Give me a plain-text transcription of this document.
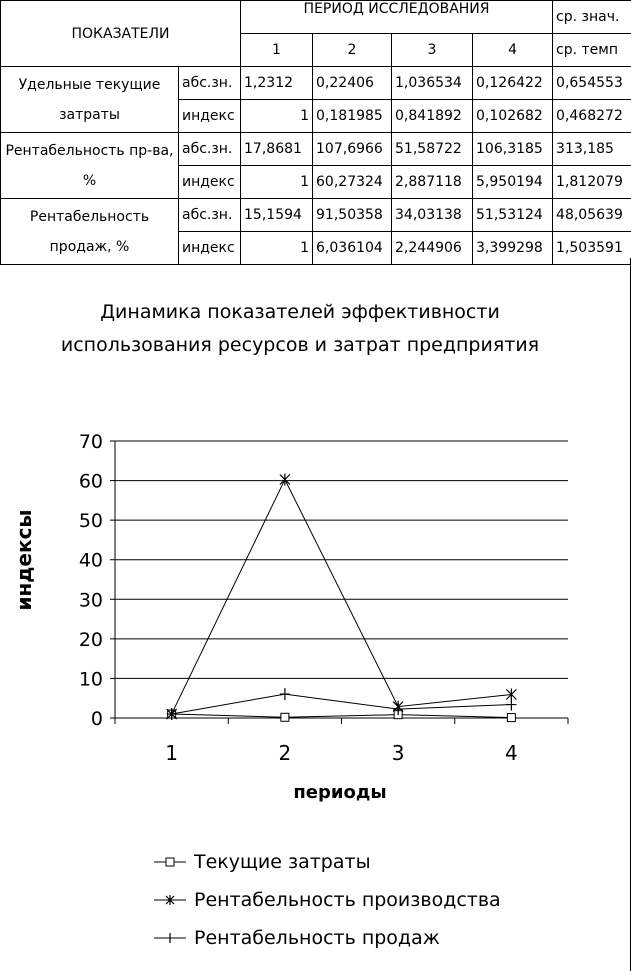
ПОКАЗАТЕЛИ		ПЕРИОД ИССЛЕДОВАНИЯ				ср. знач.
		1	2	3	4	ср. темп

Удельные текущие
затраты	абс.зн.	1,2312	0,22406	1,036534	0,126422	0,654553
	индекс	1	0,181985	0,841892	0,102682	0,468272

Рентабельность пр-ва,
%	абс.зн.	17,8681	107,6966	51,58722	106,3185	313,185
	индекс	1	60,27324	2,887118	5,950194	1,812079

Рентабельность
продаж, %	абс.зн.	15,1594	91,50358	34,03138	51,53124	48,05639
	индекс	1	6,036104	2,244906	3,399298	1,503591
Динамика показателей эффективности
использования ресурсов и затрат предприятия
0
10
20
30
40
50
60
70
1	2	3	4
индексы
периоды
Текущие затраты
Рентабельность производства
Рентабельность продаж
